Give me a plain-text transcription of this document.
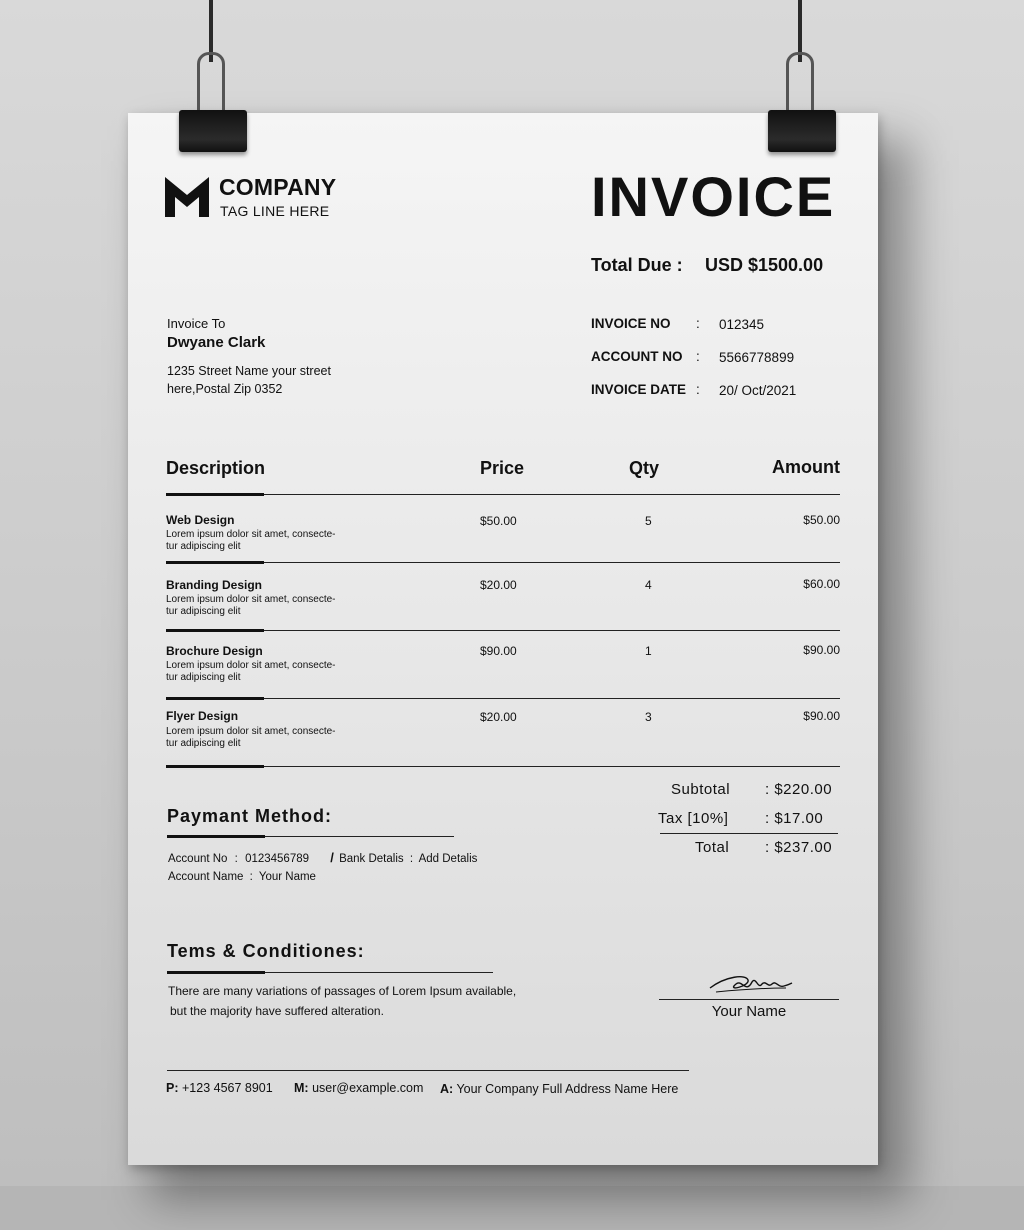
COMPANY
TAG LINE HERE	INVOICE
Total Due : USD $1500.00
Invoice To
Dwyane Clark
1235 Street Name your street
here,Postal Zip 0352
INVOICE NO : 012345
ACCOUNT NO : 5566778899
INVOICE DATE : 20/ Oct/2021
Description	Price	Qty	Amount
Web Design
Lorem ipsum dolor sit amet, consecte-tur adipiscing elit
$50.00	5	$50.00
Branding Design
Lorem ipsum dolor sit amet, consecte-tur adipiscing elit
$20.00	4	$60.00
Brochure Design
Lorem ipsum dolor sit amet, consecte-tur adipiscing elit
$90.00	1	$90.00
Flyer Design
Lorem ipsum dolor sit amet, consecte-tur adipiscing elit
$20.00	3	$90.00
Subtotal : $220.00
Tax [10%] : $17.00
Total : $237.00
Paymant Method:
Account No : 0123456789 / Bank Detalis : Add Detalis
Account Name : Your Name
Tems & Conditiones:
There are many variations of passages of Lorem Ipsum available,
but the majority have suffered alteration.	Your Name
P: +123 4567 8901 M: user@example.com A: Your Company Full Address Name Here
